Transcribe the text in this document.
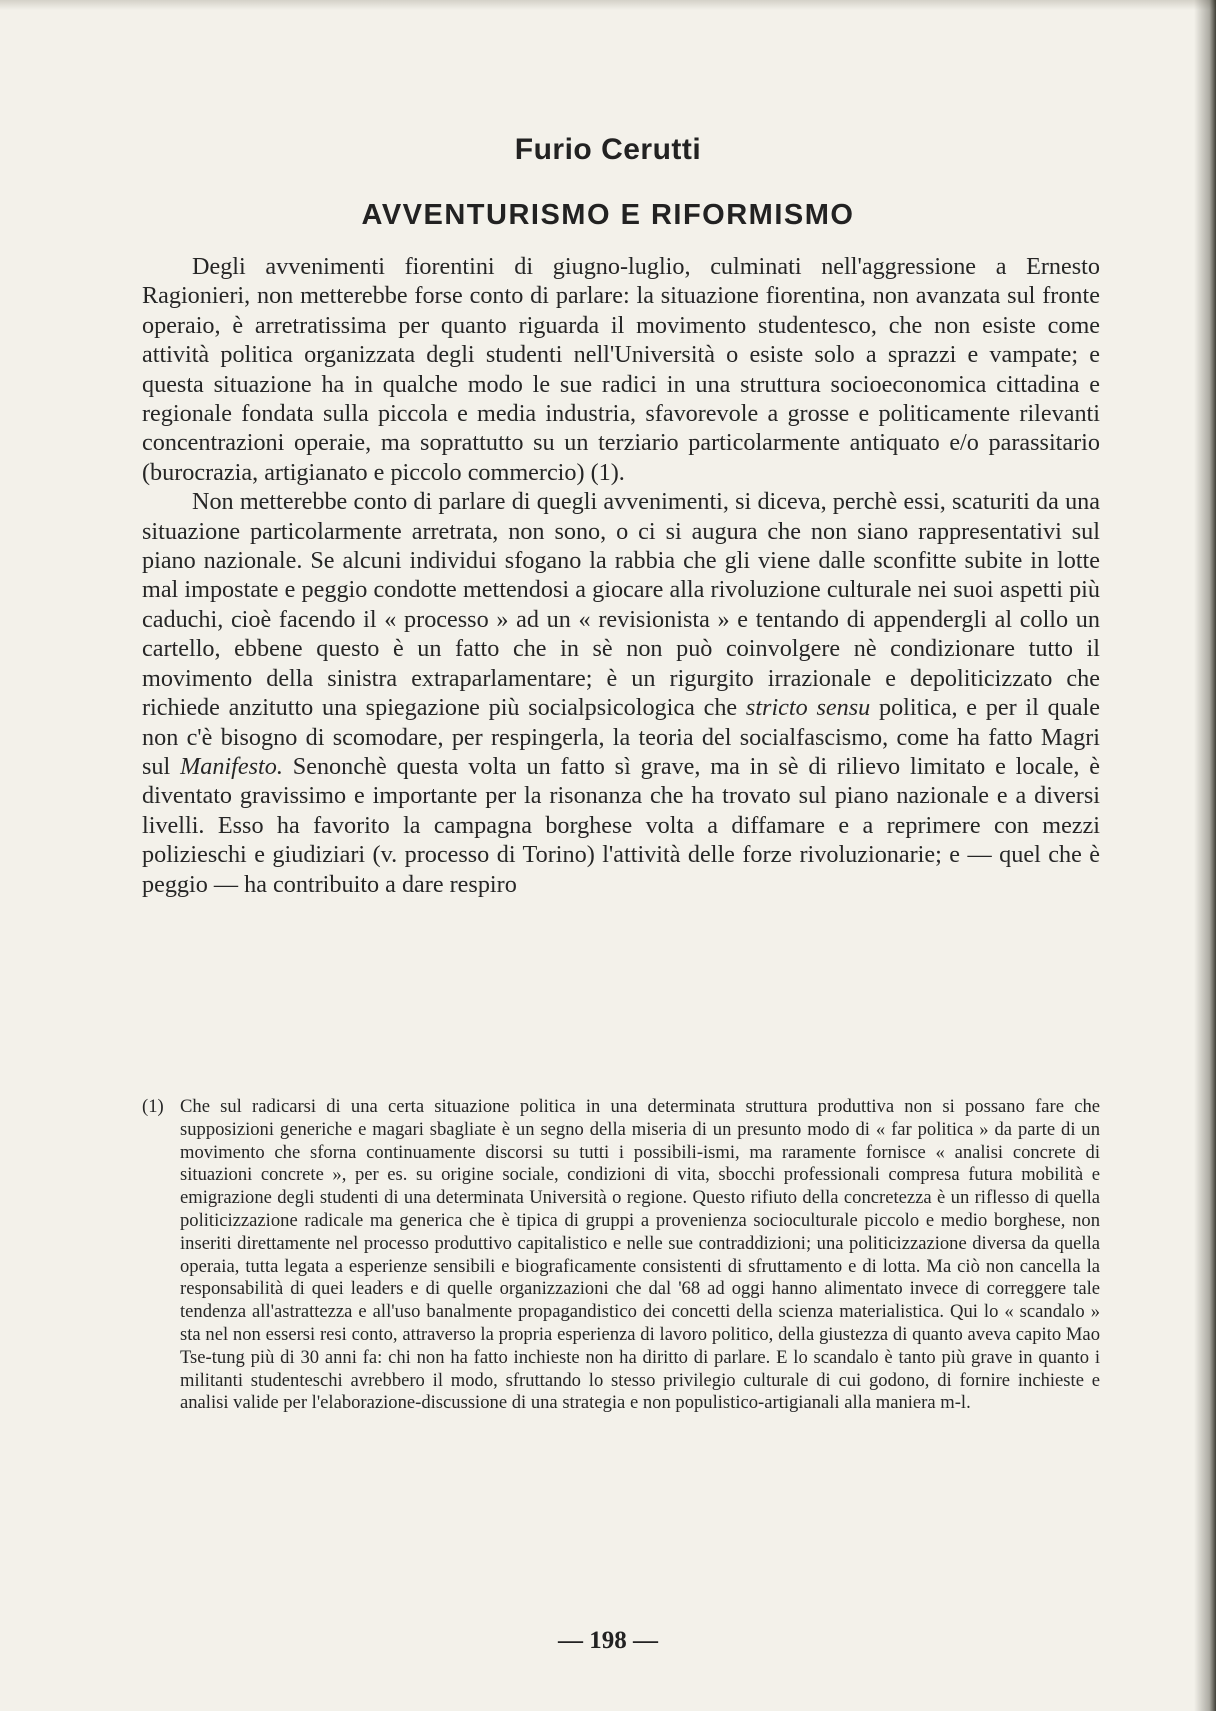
Furio Cerutti
AVVENTURISMO E RIFORMISMO

Degli avvenimenti fiorentini di giugno-luglio, culminati nell'aggressione a Ernesto Ragionieri, non metterebbe forse conto di parlare: la situazione fiorentina, non avanzata sul fronte operaio, è arretratissima per quanto riguarda il movimento studentesco, che non esiste come attività politica organizzata degli studenti nell'Università o esiste solo a sprazzi e vampate; e questa situazione ha in qualche modo le sue radici in una struttura socioeconomica cittadina e regionale fondata sulla piccola e media industria, sfavorevole a grosse e politicamente rilevanti concentrazioni operaie, ma soprattutto su un terziario particolarmente antiquato e/o parassitario (burocrazia, artigianato e piccolo commercio) (1).

Non metterebbe conto di parlare di quegli avvenimenti, si diceva, perchè essi, scaturiti da una situazione particolarmente arretrata, non sono, o ci si augura che non siano rappresentativi sul piano nazionale. Se alcuni individui sfogano la rabbia che gli viene dalle sconfitte subite in lotte mal impostate e peggio condotte mettendosi a giocare alla rivoluzione culturale nei suoi aspetti più caduchi, cioè facendo il « processo » ad un « revisionista » e tentando di appendergli al collo un cartello, ebbene questo è un fatto che in sè non può coinvolgere nè condizionare tutto il movimento della sinistra extraparlamentare; è un rigurgito irrazionale e depoliticizzato che richiede anzitutto una spiegazione più socialpsicologica che stricto sensu politica, e per il quale non c'è bisogno di scomodare, per respingerla, la teoria del socialfascismo, come ha fatto Magri sul Manifesto. Senonchè questa volta un fatto sì grave, ma in sè di rilievo limitato e locale, è diventato gravissimo e importante per la risonanza che ha trovato sul piano nazionale e a diversi livelli. Esso ha favorito la campagna borghese volta a diffamare e a reprimere con mezzi polizieschi e giudiziari (v. processo di Torino) l'attività delle forze rivoluzionarie; e — quel che è peggio — ha contribuito a dare respiro

(1) Che sul radicarsi di una certa situazione politica in una determinata struttura produttiva non si possano fare che supposizioni generiche e magari sbagliate è un segno della miseria di un presunto modo di « far politica » da parte di un movimento che sforna continuamente discorsi su tutti i possibili-ismi, ma raramente fornisce « analisi concrete di situazioni concrete », per es. su origine sociale, condizioni di vita, sbocchi professionali compresa futura mobilità e emigrazione degli studenti di una determinata Università o regione. Questo rifiuto della concretezza è un riflesso di quella politicizzazione radicale ma generica che è tipica di gruppi a provenienza socioculturale piccolo e medio borghese, non inseriti direttamente nel processo produttivo capitalistico e nelle sue contraddizioni; una politicizzazione diversa da quella operaia, tutta legata a esperienze sensibili e biograficamente consistenti di sfruttamento e di lotta. Ma ciò non cancella la responsabilità di quei leaders e di quelle organizzazioni che dal '68 ad oggi hanno alimentato invece di correggere tale tendenza all'astrattezza e all'uso banalmente propagandistico dei concetti della scienza materialistica. Qui lo « scandalo » sta nel non essersi resi conto, attraverso la propria esperienza di lavoro politico, della giustezza di quanto aveva capito Mao Tse-tung più di 30 anni fa: chi non ha fatto inchieste non ha diritto di parlare. E lo scandalo è tanto più grave in quanto i militanti studenteschi avrebbero il modo, sfruttando lo stesso privilegio culturale di cui godono, di fornire inchieste e analisi valide per l'elaborazione-discussione di una strategia e non populistico-artigianali alla maniera m-l.
— 198 —
